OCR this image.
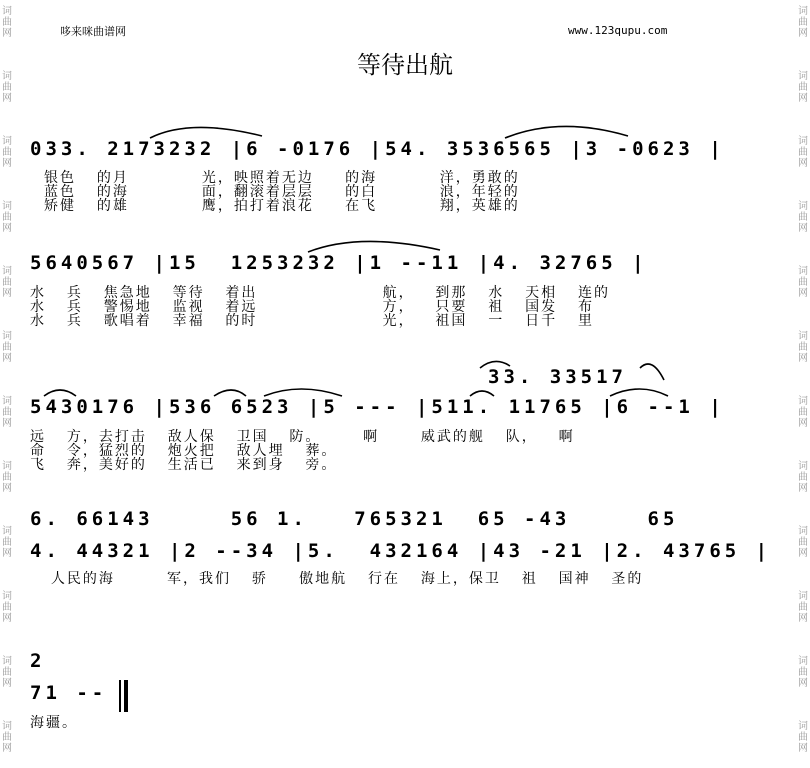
词曲网
词曲网
词曲网
词曲网
词曲网
词曲网
词曲网
词曲网
词曲网
词曲网
词曲网
词曲网
词曲网
词曲网
词曲网
词曲网
词曲网
词曲网
词曲网
词曲网
词曲网
词曲网
词曲网
词曲网
哆来咪曲谱网	www.123qupu.com
等待出航
033. 2173232 |6 -0176 |54. 3536565 |3 -0623 |
银色  的月       光，映照着无边   的海      洋，勇敢的
蓝色  的海       面，翻滚着层层   的白      浪，年轻的
矫健  的雄       鹰，拍打着浪花   在飞      翔，英雄的
5640567 |15  1253232 |1 --11 |4. 32765 |
水  兵  焦急地  等待  着出            航，  到那  水  天相  连的
水  兵  警惕地  监视  着远            方，  只要  祖  国发  布
水  兵  歌唱着  幸福  的时            光，  祖国  一  日千  里
33. 33517
5430176 |536 6523 |5 --- |511. 11765 |6 --1 |
远  方，去打击  敌人保  卫国  防。    啊    威武的舰  队，  啊
命  令，猛烈的  炮火把  敌人埋  葬。
飞  奔，美好的  生活已  来到身  旁。
6. 66143     56 1.   765321  65 -43     65
4. 44321 |2 --34 |5.  432164 |43 -21 |2. 43765 |
人民的海     军，我们  骄   傲地航  行在  海上，保卫  祖  国神  圣的
2
71 --
海疆。
